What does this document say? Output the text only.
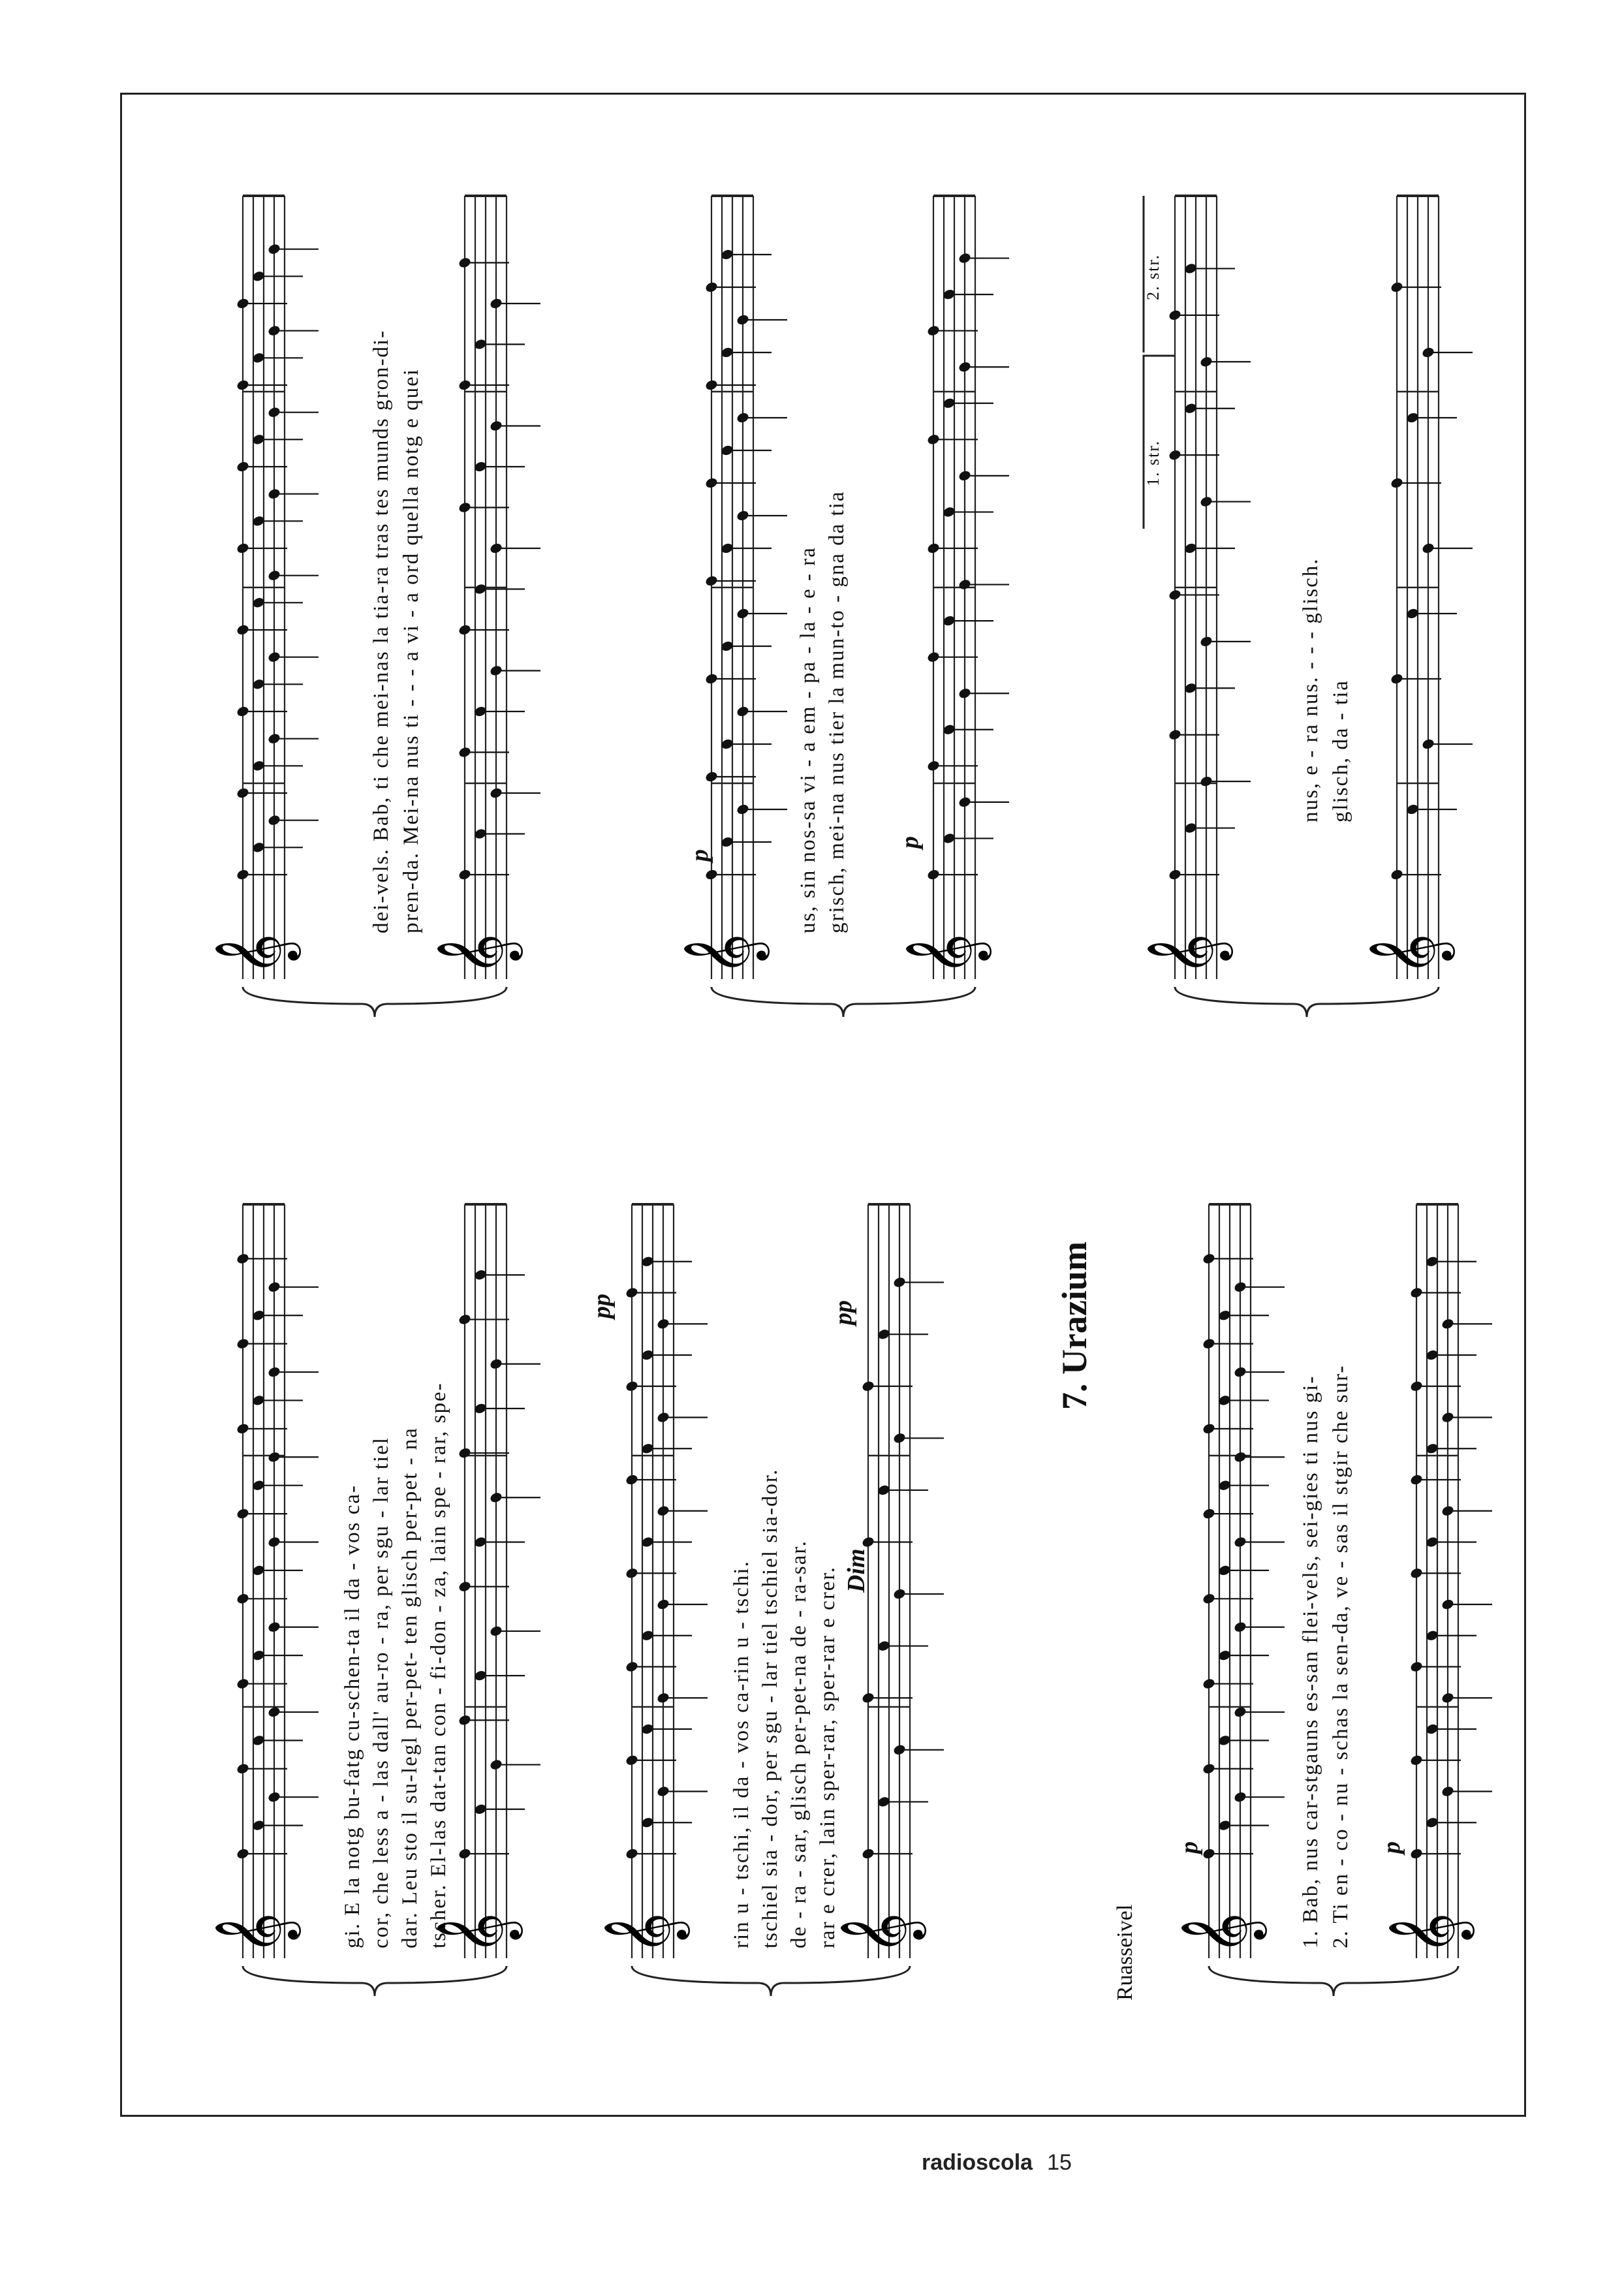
𝄞 𝄞 𝄞 𝄞	𝄞 𝄞
𝄞 𝄞 𝄞 𝄞 𝄞 𝄞
gi. E la notg bu-fatg cu-schen-ta il da - vos ca- cor, che less a - las dall' au-ro - ra, per sgu - lar tiel dar. Leu sto il su-legl per-pet- ten glisch per-pet - na tscher. El-las dat-tan con - fi-don - za, lain spe - rar, spe-	rin u - tschi, il da - vos ca-rin u - tschi. tschiel sia - dor, per sgu - lar tiel tschiel sia-dor. de - ra - sar, glisch per-pet-na de - ra-sar. rar e crer, lain sper-rar, sper-rar e crer.
pp
Dim
pp
dei-vels. Bab, ti che mei-nas la tia-ra tras tes munds gron-di- pren-da. Mei-na nus ti - - - a vi - a ord quella notg e quei	us, sin nos-sa vi - a em - pa - la - e - ra grisch, mei-na nus tier la mun-to - gna da tia
p
p
nus, e - ra nus. - - - glisch. glisch, da - tia
1. str.
2. str.
7. Urazium
Ruasseivel
1. Bab, nus car-stgauns es-san flei-vels, sei-gies ti nus gi- 2. Ti en - co - nu - schas la sen-da, ve - sas il stgir che sur-
p	p
radioscola 15
